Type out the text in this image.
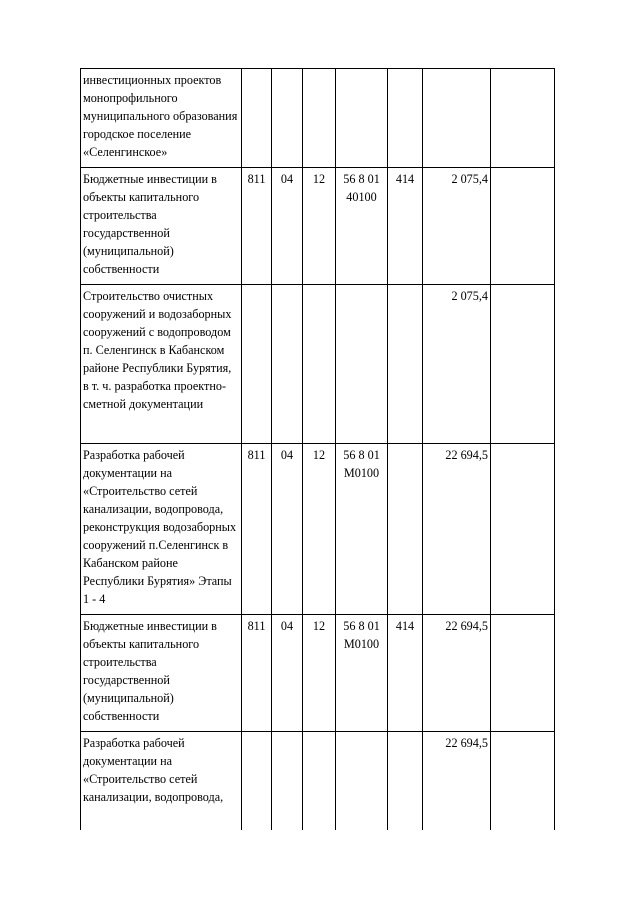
инвестиционных проектов монопрофильного муниципального образования городское поселение «Селенгинское»							
Бюджетные инвестиции в объекты капитального строительства государственной (муниципальной) собственности	811	04	12	56 8 01 40100	414	2 075,4	
Строительство очистных сооружений и водозаборных сооружений с водопроводом п. Селенгинск в Кабанском районе Республики Бурятия, в т. ч. разработка проектно-сметной документации						2 075,4	
Разработка рабочей документации на «Строительство сетей канализации, водопровода, реконструкция водозаборных сооружений п.Селенгинск в Кабанском районе Республики Бурятия» Этапы 1 - 4	811	04	12	56 8 01 М0100		22 694,5	
Бюджетные инвестиции в объекты капитального строительства государственной (муниципальной) собственности	811	04	12	56 8 01 М0100	414	22 694,5	
Разработка рабочей документации на «Строительство сетей канализации, водопровода,						22 694,5	
